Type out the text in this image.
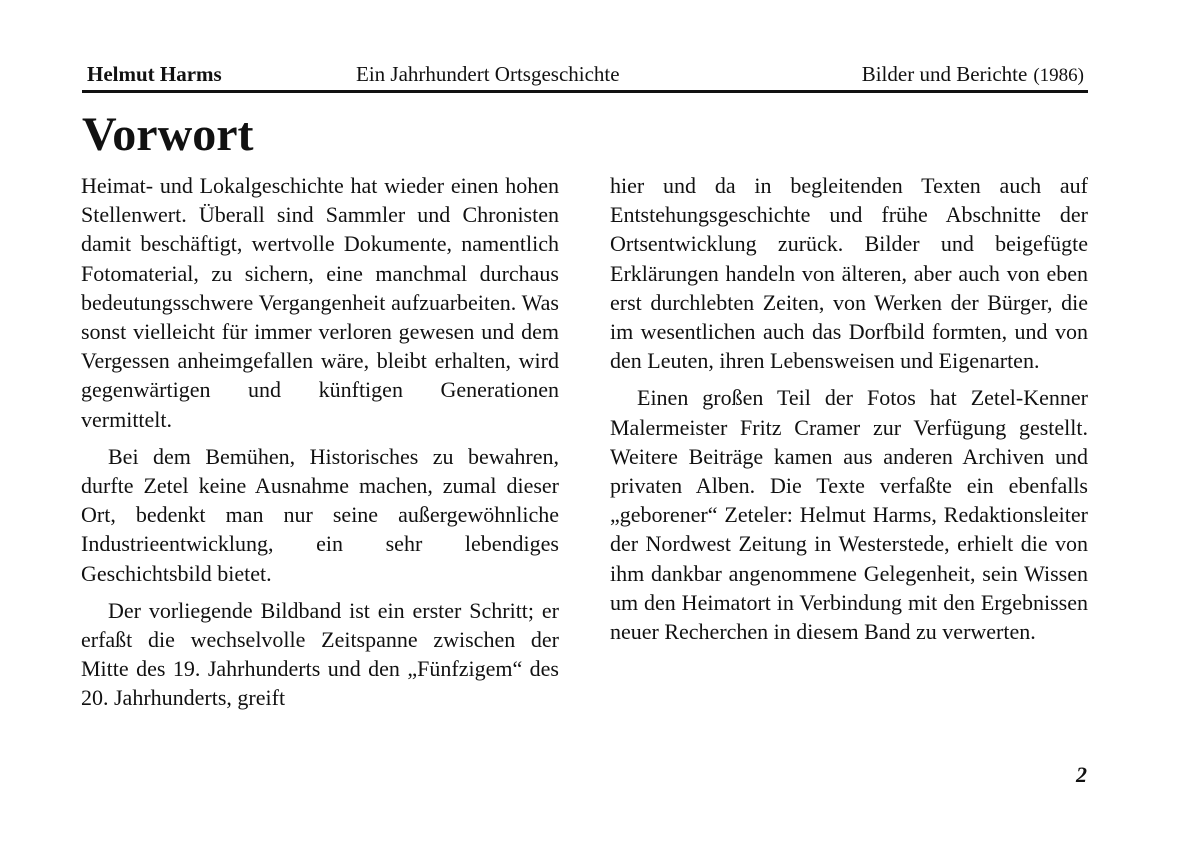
Helmut Harms	Ein Jahrhundert Ortsgeschichte	Bilder und Berichte (1986)
Vorwort

Heimat- und Lokalgeschichte hat wieder einen hohen Stellenwert. Überall sind Sammler und Chronisten damit beschäftigt, wertvolle Dokumente, namentlich Fotomaterial, zu sichern, eine manchmal durchaus bedeutungsschwere Vergangenheit aufzuarbeiten. Was sonst vielleicht für immer verloren gewesen und dem Vergessen anheimgefallen wäre, bleibt erhalten, wird gegenwärtigen und künftigen Generationen vermittelt.

Bei dem Bemühen, Historisches zu bewahren, durfte Zetel keine Ausnahme machen, zumal dieser Ort, bedenkt man nur seine außergewöhnliche Industrieentwicklung, ein sehr lebendiges Geschichtsbild bietet.

Der vorliegende Bildband ist ein erster Schritt; er erfaßt die wechselvolle Zeitspanne zwischen der Mitte des 19. Jahrhunderts und den „Fünfzigem“ des 20. Jahrhunderts, greift

hier und da in begleitenden Texten auch auf Entstehungsgeschichte und frühe Abschnitte der Ortsentwicklung zurück. Bilder und beigefügte Erklärungen handeln von älteren, aber auch von eben erst durchlebten Zeiten, von Werken der Bürger, die im wesentlichen auch das Dorfbild formten, und von den Leuten, ihren Lebensweisen und Eigenarten.

Einen großen Teil der Fotos hat Zetel-Kenner Malermeister Fritz Cramer zur Verfügung gestellt. Weitere Beiträge kamen aus anderen Archiven und privaten Alben. Die Texte verfaßte ein ebenfalls „geborener“ Zeteler: Helmut Harms, Redaktionsleiter der Nordwest Zeitung in Westerstede, erhielt die von ihm dankbar angenommene Gelegenheit, sein Wissen um den Heimatort in Verbindung mit den Ergebnissen neuer Recherchen in diesem Band zu verwerten.

2
